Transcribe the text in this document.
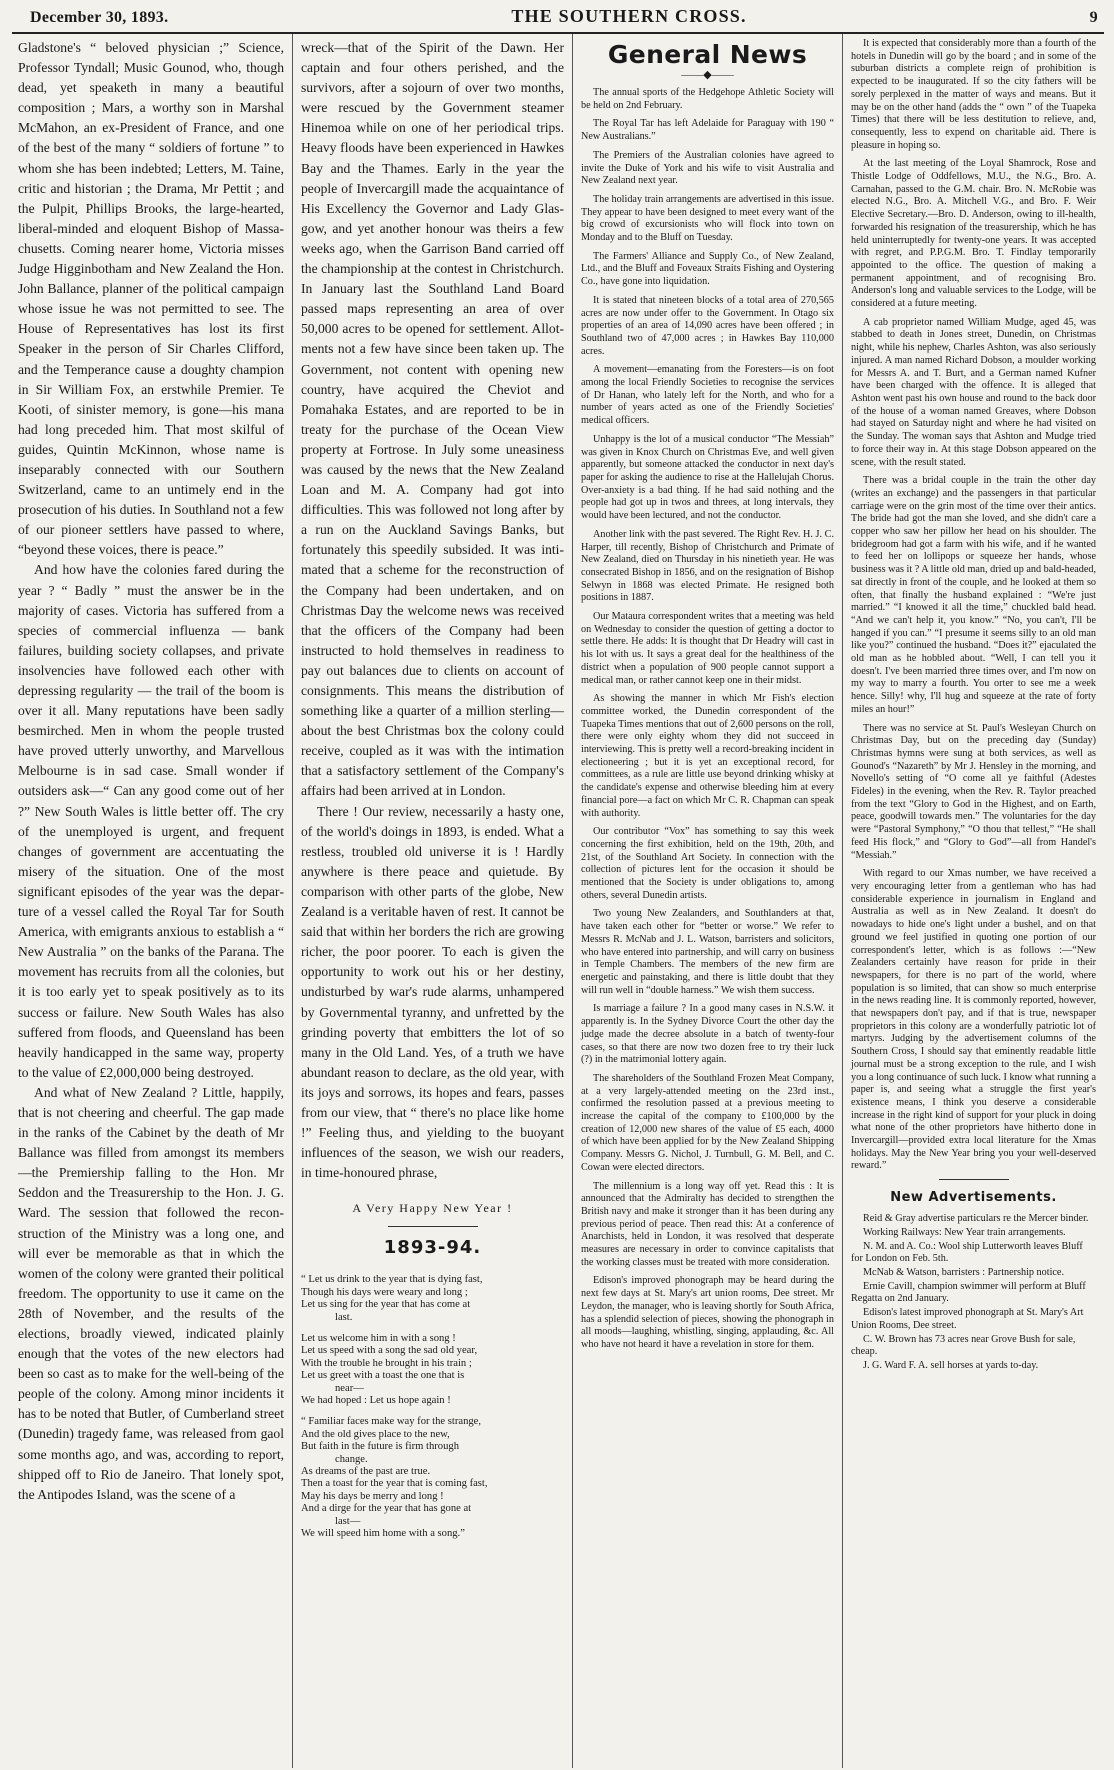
December 30, 1893.	THE SOUTHERN CROSS.	9

Gladstone's “ beloved physician ;” Science, Professor Tyndall; Music Gounod, who, though dead, yet speaketh in many a beautiful composition ; Mars, a worthy son in Marshal McMahon, an ex-President of France, and one of the best of the many “ soldiers of fortune ” to whom she has been indebted; Letters, M. Taine, critic and historian ; the Drama, Mr Pettit ; and the Pulpit, Phillips Brooks, the large-hearted, liberal-minded and eloquent Bishop of Massachusetts. Coming nearer home, Victoria misses Judge Higginbotham and New Zealand the Hon. John Ballance, planner of the political campaign whose issue he was not permitted to see. The House of Representatives has lost its first Speaker in the person of Sir Charles Clifford, and the Temperance cause a doughty champion in Sir William Fox, an erstwhile Premier. Te Kooti, of sinister memory, is gone—his mana had long preceded him. That most skilful of guides, Quintin McKinnon, whose name is inseparably connected with our Southern Switzerland, came to an untimely end in the prosecution of his duties. In Southland not a few of our pioneer settlers have passed to where, “beyond these voices, there is peace.”

And how have the colonies fared during the year ? “ Badly ” must the answer be in the majority of cases. Victoria has suffered from a species of commercial influenza — bank failures, building society collapses, and private insolvencies have followed each other with depressing regularity — the trail of the boom is over it all. Many reputations have been sadly besmirched. Men in whom the people trusted have proved utterly unworthy, and Marvellous Melbourne is in sad case. Small wonder if outsiders ask—“ Can any good come out of her ?” New South Wales is little better off. The cry of the unemployed is urgent, and frequent changes of government are accentuating the misery of the situation. One of the most significant episodes of the year was the departure of a vessel called the Royal Tar for South America, with emigrants anxious to establish a “ New Australia ” on the banks of the Parana. The movement has recruits from all the colonies, but it is too early yet to speak positively as to its success or failure. New South Wales has also suffered from floods, and Queensland has been heavily handicapped in the same way, property to the value of £2,000,000 being destroyed.

And what of New Zealand ? Little, happily, that is not cheering and cheerful. The gap made in the ranks of the Cabinet by the death of Mr Ballance was filled from amongst its members—the Premiership falling to the Hon. Mr Seddon and the Treasurership to the Hon. J. G. Ward. The session that followed the reconstruction of the Ministry was a long one, and will ever be memorable as that in which the women of the colony were granted their political freedom. The opportunity to use it came on the 28th of November, and the results of the elections, broadly viewed, indicated plainly enough that the votes of the new electors had been so cast as to make for the well-being of the people of the colony. Among minor incidents it has to be noted that Butler, of Cumberland street (Dunedin) tragedy fame, was released from gaol some months ago, and was, according to report, shipped off to Rio de Janeiro. That lonely spot, the Antipodes Island, was the scene of a

wreck—that of the Spirit of the Dawn. Her captain and four others perished, and the survivors, after a sojourn of over two months, were rescued by the Government steamer Hinemoa while on one of her periodical trips. Heavy floods have been experienced in Hawkes Bay and the Thames. Early in the year the people of Invercargill made the acquaintance of His Excellency the Governor and Lady Glasgow, and yet another honour was theirs a few weeks ago, when the Garrison Band carried off the championship at the contest in Christchurch. In January last the Southland Land Board passed maps representing an area of over 50,000 acres to be opened for settlement. Allotments not a few have since been taken up. The Government, not content with opening new country, have acquired the Cheviot and Pomahaka Estates, and are reported to be in treaty for the purchase of the Ocean View property at Fortrose. In July some uneasiness was caused by the news that the New Zealand Loan and M. A. Company had got into difficulties. This was followed not long after by a run on the Auckland Savings Banks, but fortunately this speedily subsided. It was intimated that a scheme for the reconstruction of the Company had been undertaken, and on Christmas Day the welcome news was received that the officers of the Company had been instructed to hold themselves in readiness to pay out balances due to clients on account of consignments. This means the distribution of something like a quarter of a million sterling—about the best Christmas box the colony could receive, coupled as it was with the intimation that a satisfactory settlement of the Company's affairs had been arrived at in London.

There ! Our review, necessarily a hasty one, of the world's doings in 1893, is ended. What a restless, troubled old universe it is ! Hardly anywhere is there peace and quietude. By comparison with other parts of the globe, New Zealand is a veritable haven of rest. It cannot be said that within her borders the rich are growing richer, the poor poorer. To each is given the opportunity to work out his or her destiny, undisturbed by war's rude alarms, unhampered by Governmental tyranny, and unfretted by the grinding poverty that embitters the lot of so many in the Old Land. Yes, of a truth we have abundant reason to declare, as the old year, with its joys and sorrows, its hopes and fears, passes from our view, that “ there's no place like home !” Feeling thus, and yielding to the buoyant influences of the season, we wish our readers, in time-honoured phrase,

A Very Happy New Year !

1893-94.
“ Let us drink to the year that is dying fast,
Though his days were weary and long ;
Let us sing for the year that has come at
last.
Let us welcome him in with a song !
Let us speed with a song the sad old year,
With the trouble he brought in his train ;
Let us greet with a toast the one that is
near—
We had hoped : Let us hope again !
“ Familiar faces make way for the strange,
And the old gives place to the new,
But faith in the future is firm through
change.
As dreams of the past are true.
Then a toast for the year that is coming fast,
May his days be merry and long !
And a dirge for the year that has gone at
last—
We will speed him home with a song.”
General News
——◆——

The annual sports of the Hedgehope Athletic Society will be held on 2nd February.

The Royal Tar has left Adelaide for Paraguay with 190 “ New Australians.”

The Premiers of the Australian colonies have agreed to invite the Duke of York and his wife to visit Australia and New Zealand next year.

The holiday train arrangements are advertised in this issue. They appear to have been designed to meet every want of the big crowd of excursionists who will flock into town on Monday and to the Bluff on Tuesday.

The Farmers' Alliance and Supply Co., of New Zealand, Ltd., and the Bluff and Foveaux Straits Fishing and Oystering Co., have gone into liquidation.

It is stated that nineteen blocks of a total area of 270,565 acres are now under offer to the Government. In Otago six properties of an area of 14,090 acres have been offered ; in Southland two of 47,000 acres ; in Hawkes Bay 110,000 acres.

A movement—emanating from the Foresters—is on foot among the local Friendly Societies to recognise the services of Dr Hanan, who lately left for the North, and who for a number of years acted as one of the Friendly Societies' medical officers.

Unhappy is the lot of a musical conductor “The Messiah” was given in Knox Church on Christmas Eve, and well given apparently, but someone attacked the conductor in next day's paper for asking the audience to rise at the Hallelujah Chorus. Over-anxiety is a bad thing. If he had said nothing and the people had got up in twos and threes, at long intervals, they would have been lectured, and not the conductor.

Another link with the past severed. The Right Rev. H. J. C. Harper, till recently, Bishop of Christchurch and Primate of New Zealand, died on Thursday in his ninetieth year. He was consecrated Bishop in 1856, and on the resignation of Bishop Selwyn in 1868 was elected Primate. He resigned both positions in 1887.

Our Mataura correspondent writes that a meeting was held on Wednesday to consider the question of getting a doctor to settle there. He adds: It is thought that Dr Headry will cast in his lot with us. It says a great deal for the healthiness of the district when a population of 900 people cannot support a medical man, or rather cannot keep one in their midst.

As showing the manner in which Mr Fish's election committee worked, the Dunedin correspondent of the Tuapeka Times mentions that out of 2,600 persons on the roll, there were only eighty whom they did not succeed in interviewing. This is pretty well a record-breaking incident in electioneering ; but it is yet an exceptional record, for committees, as a rule are little use beyond drinking whisky at the candidate's expense and otherwise bleeding him at every financial pore—a fact on which Mr C. R. Chapman can speak with authority.

Our contributor “Vox” has something to say this week concerning the first exhibition, held on the 19th, 20th, and 21st, of the Southland Art Society. In connection with the collection of pictures lent for the occasion it should be mentioned that the Society is under obligations to, among others, several Dunedin artists.

Two young New Zealanders, and Southlanders at that, have taken each other for “better or worse.” We refer to Messrs R. McNab and J. L. Watson, barristers and solicitors, who have entered into partnership, and will carry on business in Temple Chambers. The members of the new firm are energetic and painstaking, and there is little doubt that they will run well in “double harness.” We wish them success.

Is marriage a failure ? In a good many cases in N.S.W. it apparently is. In the Sydney Divorce Court the other day the judge made the decree absolute in a batch of twenty-four cases, so that there are now two dozen free to try their luck (?) in the matrimonial lottery again.

The shareholders of the Southland Frozen Meat Company, at a very largely-attended meeting on the 23rd inst., confirmed the resolution passed at a previous meeting to increase the capital of the company to £100,000 by the creation of 12,000 new shares of the value of £5 each, 4000 of which have been applied for by the New Zealand Shipping Company. Messrs G. Nichol, J. Turnbull, G. M. Bell, and C. Cowan were elected directors.

The millennium is a long way off yet. Read this : It is announced that the Admiralty has decided to strengthen the British navy and make it stronger than it has been during any previous period of peace. Then read this: At a conference of Anarchists, held in London, it was resolved that desperate measures are necessary in order to convince capitalists that the working classes must be treated with more consideration.

Edison's improved phonograph may be heard during the next few days at St. Mary's art union rooms, Dee street. Mr Leydon, the manager, who is leaving shortly for South Africa, has a splendid selection of pieces, showing the phonograph in all moods—laughing, whistling, singing, applauding, &c. All who have not heard it have a revelation in store for them.

It is expected that considerably more than a fourth of the hotels in Dunedin will go by the board ; and in some of the suburban districts a complete reign of prohibition is expected to be inaugurated. If so the city fathers will be sorely perplexed in the matter of ways and means. But it may be on the other hand (adds the “ own ” of the Tuapeka Times) that there will be less destitution to relieve, and, consequently, less to expend on charitable aid. There is pleasure in hoping so.

At the last meeting of the Loyal Shamrock, Rose and Thistle Lodge of Oddfellows, M.U., the N.G., Bro. A. Carnahan, passed to the G.M. chair. Bro. N. McRobie was elected N.G., Bro. A. Mitchell V.G., and Bro. F. Weir Elective Secretary.—Bro. D. Anderson, owing to ill-health, forwarded his resignation of the treasurership, which he has held uninterruptedly for twenty-one years. It was accepted with regret, and P.P.G.M. Bro. T. Findlay temporarily appointed to the office. The question of making a permanent appointment, and of recognising Bro. Anderson's long and valuable services to the Lodge, will be considered at a future meeting.

A cab proprietor named William Mudge, aged 45, was stabbed to death in Jones street, Dunedin, on Christmas night, while his nephew, Charles Ashton, was also seriously injured. A man named Richard Dobson, a moulder working for Messrs A. and T. Burt, and a German named Kufner have been charged with the offence. It is alleged that Ashton went past his own house and round to the back door of the house of a woman named Greaves, where Dobson had stayed on Saturday night and where he had visited on the Sunday. The woman says that Ashton and Mudge tried to force their way in. At this stage Dobson appeared on the scene, with the result stated.

There was a bridal couple in the train the other day (writes an exchange) and the passengers in that particular carriage were on the grin most of the time over their antics. The bride had got the man she loved, and she didn't care a copper who saw her pillow her head on his shoulder. The bridegroom had got a farm with his wife, and if he wanted to feed her on lollipops or squeeze her hands, whose business was it ? A little old man, dried up and bald-headed, sat directly in front of the couple, and he looked at them so often, that finally the husband explained : “We're just married.” “I knowed it all the time,” chuckled bald head. “And we can't help it, you know.” “No, you can't, I'll be hanged if you can.” “I presume it seems silly to an old man like you?” continued the husband. “Does it?” ejaculated the old man as he hobbled about. “Well, I can tell you it doesn't. I've been married three times over, and I'm now on my way to marry a fourth. You orter to see me a week hence. Silly! why, I'll hug and squeeze at the rate of forty miles an hour!”

There was no service at St. Paul's Wesleyan Church on Christmas Day, but on the preceding day (Sunday) Christmas hymns were sung at both services, as well as Gounod's “Nazareth” by Mr J. Hensley in the morning, and Novello's setting of “O come all ye faithful (Adestes Fideles) in the evening, when the Rev. R. Taylor preached from the text “Glory to God in the Highest, and on Earth, peace, goodwill towards men.” The voluntaries for the day were “Pastoral Symphony,” “O thou that tellest,” “He shall feed His flock,” and “Glory to God”—all from Handel's “Messiah.”

With regard to our Xmas number, we have received a very encouraging letter from a gentleman who has had considerable experience in journalism in England and Australia as well as in New Zealand. It doesn't do nowadays to hide one's light under a bushel, and on that ground we feel justified in quoting one portion of our correspondent's letter, which is as follows :—“New Zealanders certainly have reason for pride in their newspapers, for there is no part of the world, where population is so limited, that can show so much enterprise in the news reading line. It is commonly reported, however, that newspapers don't pay, and if that is true, newspaper proprietors in this colony are a wonderfully patriotic lot of martyrs. Judging by the advertisement columns of the Southern Cross, I should say that eminently readable little journal must be a strong exception to the rule, and I wish you a long continuance of such luck. I know what running a paper is, and seeing what a struggle the first year's existence means, I think you deserve a considerable increase in the right kind of support for your pluck in doing what none of the other proprietors have hitherto done in Invercargill—provided extra local literature for the Xmas holidays. May the New Year bring you your well-deserved reward.”

New Advertisements.

Reid & Gray advertise particulars re the Mercer binder.

Working Railways: New Year train arrangements.

N. M. and A. Co.: Wool ship Lutterworth leaves Bluff for London on Feb. 5th.

McNab & Watson, barristers : Partnership notice.

Ernie Cavill, champion swimmer will perform at Bluff Regatta on 2nd January.

Edison's latest improved phonograph at St. Mary's Art Union Rooms, Dee street.

C. W. Brown has 73 acres near Grove Bush for sale, cheap.

J. G. Ward F. A. sell horses at yards to-day.
